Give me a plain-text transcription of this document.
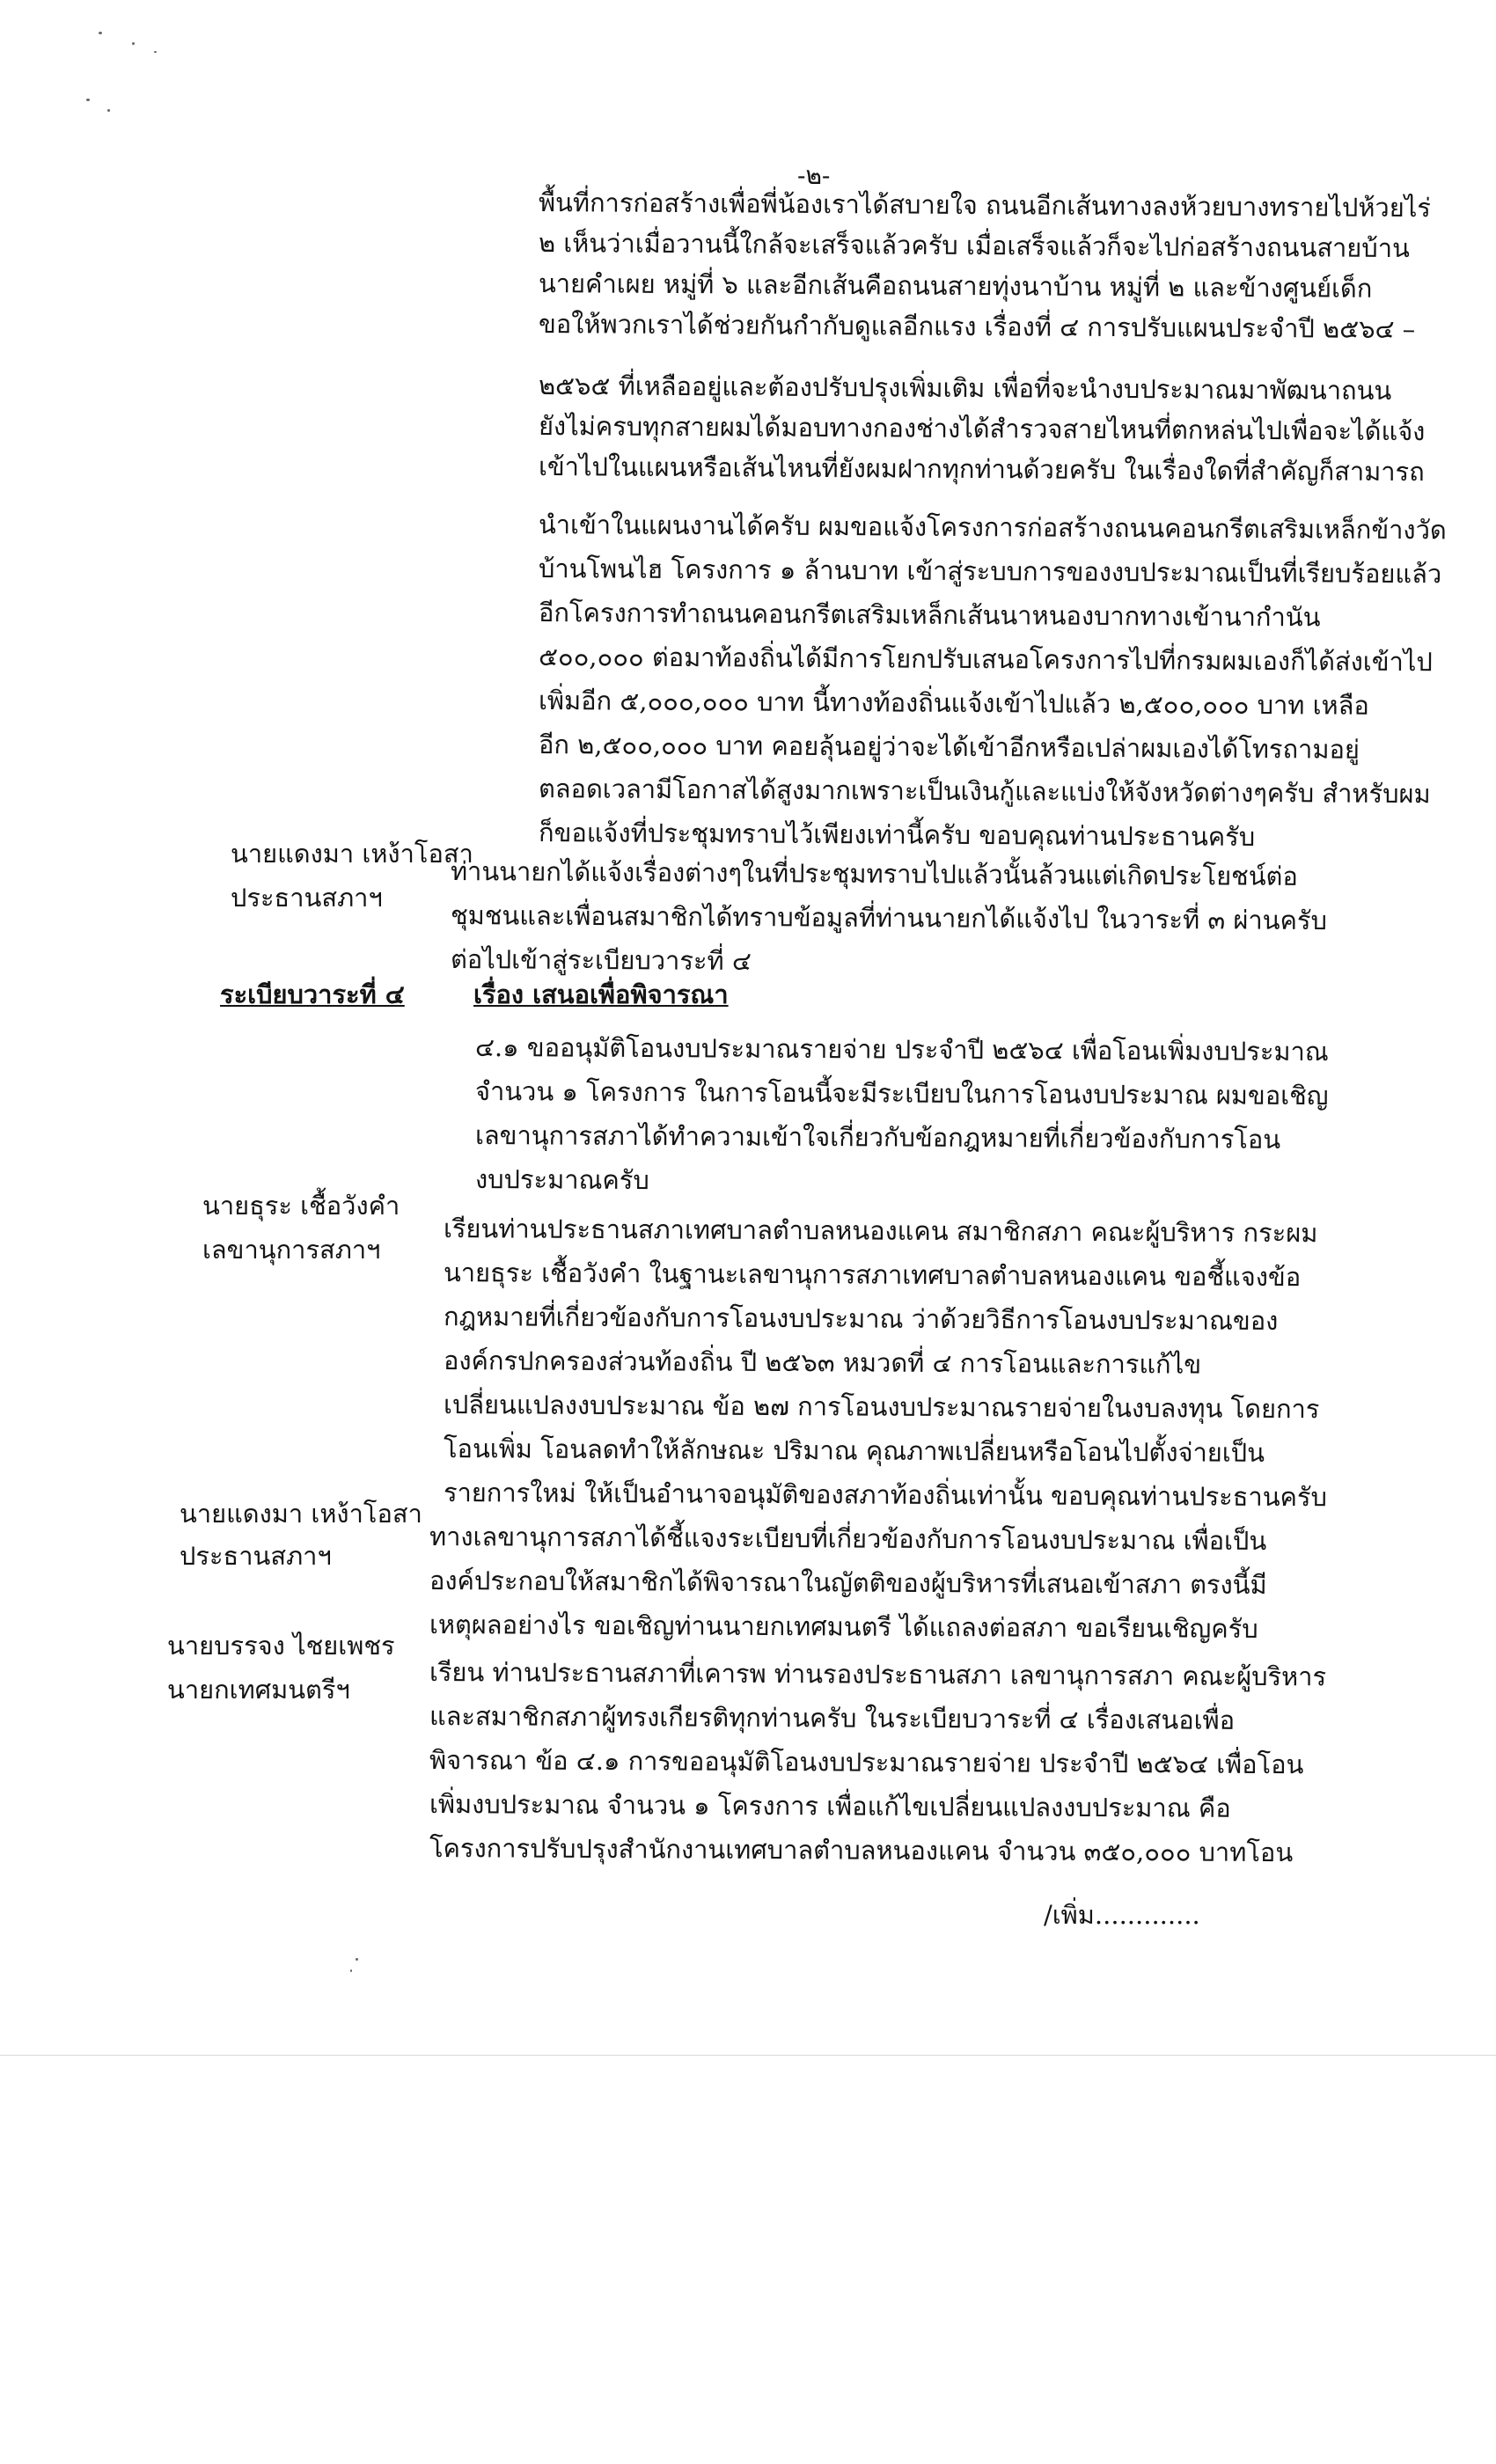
-๒-
พื้นที่การก่อสร้างเพื่อพี่น้องเราได้สบายใจ ถนนอีกเส้นทางลงห้วยบางทรายไปห้วยไร่
๒ เห็นว่าเมื่อวานนี้ใกล้จะเสร็จแล้วครับ เมื่อเสร็จแล้วก็จะไปก่อสร้างถนนสายบ้าน
นายคำเผย หมู่ที่ ๖ และอีกเส้นคือถนนสายทุ่งนาบ้าน หมู่ที่ ๒ และข้างศูนย์เด็ก
ขอให้พวกเราได้ช่วยกันกำกับดูแลอีกแรง เรื่องที่ ๔ การปรับแผนประจำปี ๒๕๖๔ –
๒๕๖๕ ที่เหลืออยู่และต้องปรับปรุงเพิ่มเติม เพื่อที่จะนำงบประมาณมาพัฒนาถนน
ยังไม่ครบทุกสายผมได้มอบทางกองช่างได้สำรวจสายไหนที่ตกหล่นไปเพื่อจะได้แจ้ง
เข้าไปในแผนหรือเส้นไหนที่ยังผมฝากทุกท่านด้วยครับ ในเรื่องใดที่สำคัญก็สามารถ
นำเข้าในแผนงานได้ครับ ผมขอแจ้งโครงการก่อสร้างถนนคอนกรีตเสริมเหล็กข้างวัด
บ้านโพนไฮ โครงการ ๑ ล้านบาท เข้าสู่ระบบการของงบประมาณเป็นที่เรียบร้อยแล้ว
อีกโครงการทำถนนคอนกรีตเสริมเหล็กเส้นนาหนองบากทางเข้านากำนัน
๕๐๐,๐๐๐ ต่อมาท้องถิ่นได้มีการโยกปรับเสนอโครงการไปที่กรมผมเองก็ได้ส่งเข้าไป
เพิ่มอีก ๕,๐๐๐,๐๐๐ บาท นี้ทางท้องถิ่นแจ้งเข้าไปแล้ว ๒,๕๐๐,๐๐๐ บาท เหลือ
อีก ๒,๕๐๐,๐๐๐ บาท คอยลุ้นอยู่ว่าจะได้เข้าอีกหรือเปล่าผมเองได้โทรถามอยู่
ตลอดเวลามีโอกาสได้สูงมากเพราะเป็นเงินกู้และแบ่งให้จังหวัดต่างๆครับ สำหรับผม
ก็ขอแจ้งที่ประชุมทราบไว้เพียงเท่านี้ครับ ขอบคุณท่านประธานครับ
ท่านนายกได้แจ้งเรื่องต่างๆในที่ประชุมทราบไปแล้วนั้นล้วนแต่เกิดประโยชน์ต่อ
ชุมชนและเพื่อนสมาชิกได้ทราบข้อมูลที่ท่านนายกได้แจ้งไป ในวาระที่ ๓ ผ่านครับ
ต่อไปเข้าสู่ระเบียบวาระที่ ๔
ระเบียบวาระที่ ๔	เรื่อง เสนอเพื่อพิจารณา
๔.๑ ขออนุมัติโอนงบประมาณรายจ่าย ประจำปี ๒๕๖๔ เพื่อโอนเพิ่มงบประมาณ
จำนวน ๑ โครงการ ในการโอนนี้จะมีระเบียบในการโอนงบประมาณ ผมขอเชิญ
เลขานุการสภาได้ทำความเข้าใจเกี่ยวกับข้อกฎหมายที่เกี่ยวข้องกับการโอน
งบประมาณครับ
เรียนท่านประธานสภาเทศบาลตำบลหนองแคน สมาชิกสภา คณะผู้บริหาร กระผม
นายธุระ เชื้อวังคำ ในฐานะเลขานุการสภาเทศบาลตำบลหนองแคน ขอชี้แจงข้อ
กฎหมายที่เกี่ยวข้องกับการโอนงบประมาณ ว่าด้วยวิธีการโอนงบประมาณของ
องค์กรปกครองส่วนท้องถิ่น ปี ๒๕๖๓ หมวดที่ ๔ การโอนและการแก้ไข
เปลี่ยนแปลงงบประมาณ ข้อ ๒๗ การโอนงบประมาณรายจ่ายในงบลงทุน โดยการ
โอนเพิ่ม โอนลดทำให้ลักษณะ ปริมาณ คุณภาพเปลี่ยนหรือโอนไปตั้งจ่ายเป็น
รายการใหม่ ให้เป็นอำนาจอนุมัติของสภาท้องถิ่นเท่านั้น ขอบคุณท่านประธานครับ
ทางเลขานุการสภาได้ชี้แจงระเบียบที่เกี่ยวข้องกับการโอนงบประมาณ เพื่อเป็น
องค์ประกอบให้สมาชิกได้พิจารณาในญัตติของผู้บริหารที่เสนอเข้าสภา ตรงนี้มี
เหตุผลอย่างไร ขอเชิญท่านนายกเทศมนตรี ได้แถลงต่อสภา ขอเรียนเชิญครับ
เรียน ท่านประธานสภาที่เคารพ ท่านรองประธานสภา เลขานุการสภา คณะผู้บริหาร
และสมาชิกสภาผู้ทรงเกียรติทุกท่านครับ ในระเบียบวาระที่ ๔ เรื่องเสนอเพื่อ
พิจารณา ข้อ ๔.๑ การขออนุมัติโอนงบประมาณรายจ่าย ประจำปี ๒๕๖๔ เพื่อโอน
เพิ่มงบประมาณ จำนวน ๑ โครงการ เพื่อแก้ไขเปลี่ยนแปลงงบประมาณ คือ
โครงการปรับปรุงสำนักงานเทศบาลตำบลหนองแคน จำนวน ๓๕๐,๐๐๐ บาทโอน
/เพิ่ม.............
นายแดงมา เหง้าโอสา
ประธานสภาฯ
นายธุระ เชื้อวังคำ
เลขานุการสภาฯ
นายแดงมา เหง้าโอสา
ประธานสภาฯ
นายบรรจง ไชยเพชร
นายกเทศมนตรีฯ
